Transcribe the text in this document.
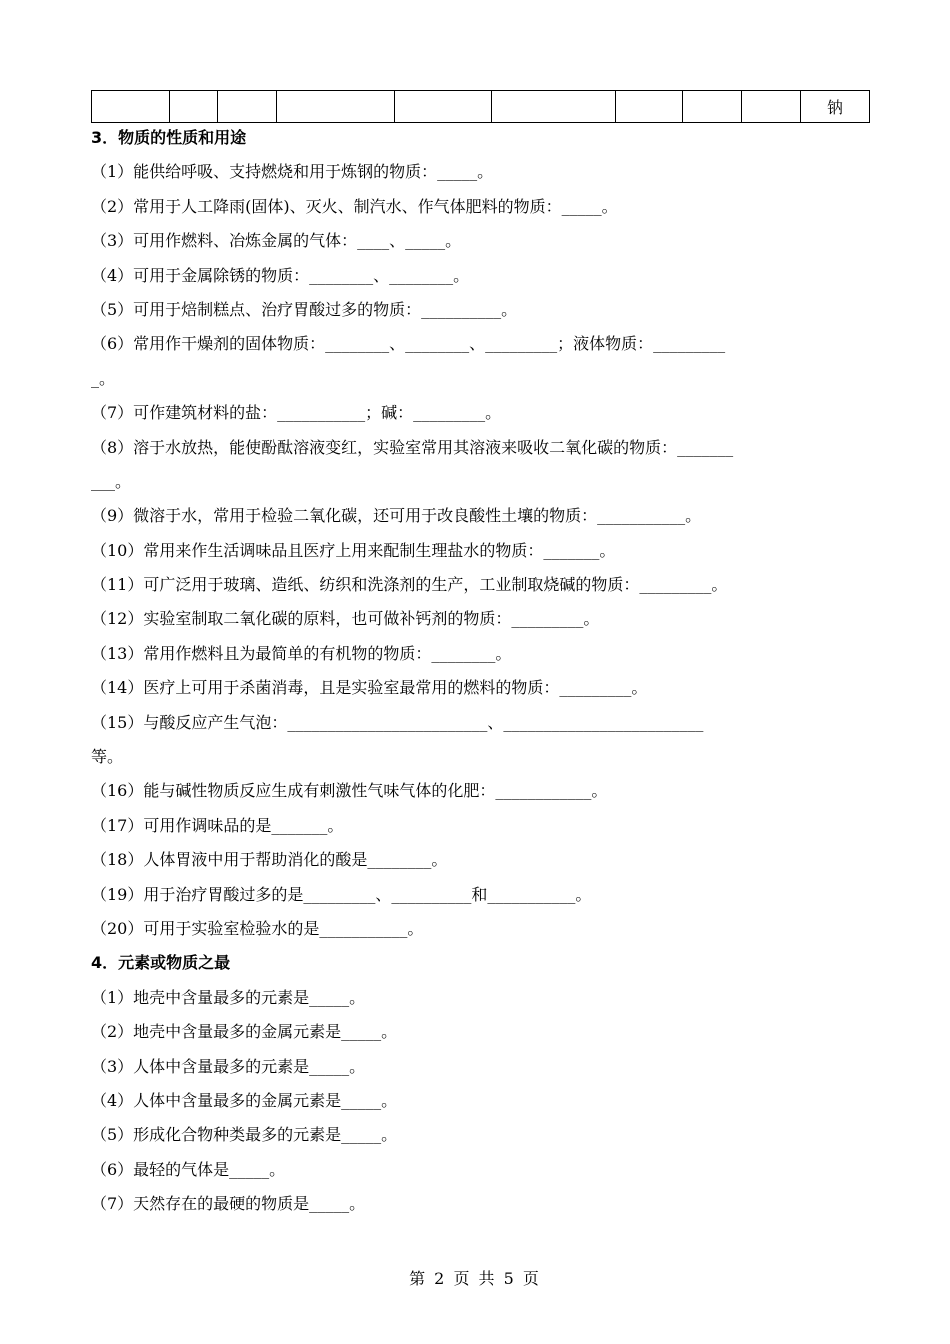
									钠
3．物质的性质和用途
（1）能供给呼吸、支持燃烧和用于炼钢的物质：_____。
（2）常用于人工降雨(固体)、灭火、制汽水、作气体肥料的物质：_____。
（3）可用作燃料、冶炼金属的气体：____、_____。
（4）可用于金属除锈的物质：________、________。
（5）可用于焙制糕点、治疗胃酸过多的物质：__________。
（6）常用作干燥剂的固体物质：________、________、_________；液体物质：_________
_。
（7）可作建筑材料的盐：___________；碱：_________。
（8）溶于水放热，能使酚酞溶液变红，实验室常用其溶液来吸收二氧化碳的物质：_______
___。
（9）微溶于水，常用于检验二氧化碳，还可用于改良酸性土壤的物质：___________。
（10）常用来作生活调味品且医疗上用来配制生理盐水的物质：_______。
（11）可广泛用于玻璃、造纸、纺织和洗涤剂的生产，工业制取烧碱的物质：_________。
（12）实验室制取二氧化碳的原料，也可做补钙剂的物质：_________。
（13）常用作燃料且为最简单的有机物的物质：________。
（14）医疗上可用于杀菌消毒，且是实验室最常用的燃料的物质：_________。
（15）与酸反应产生气泡：_________________________、_________________________
等。
（16）能与碱性物质反应生成有刺激性气味气体的化肥：____________。
（17）可用作调味品的是_______。
（18）人体胃液中用于帮助消化的酸是________。
（19）用于治疗胃酸过多的是_________、__________和___________。
（20）可用于实验室检验水的是___________。
4．元素或物质之最
（1）地壳中含量最多的元素是_____。
（2）地壳中含量最多的金属元素是_____。
（3）人体中含量最多的元素是_____。
（4）人体中含量最多的金属元素是_____。
（5）形成化合物种类最多的元素是_____。
（6）最轻的气体是_____。
（7）天然存在的最硬的物质是_____。
第 2 页 共 5 页
